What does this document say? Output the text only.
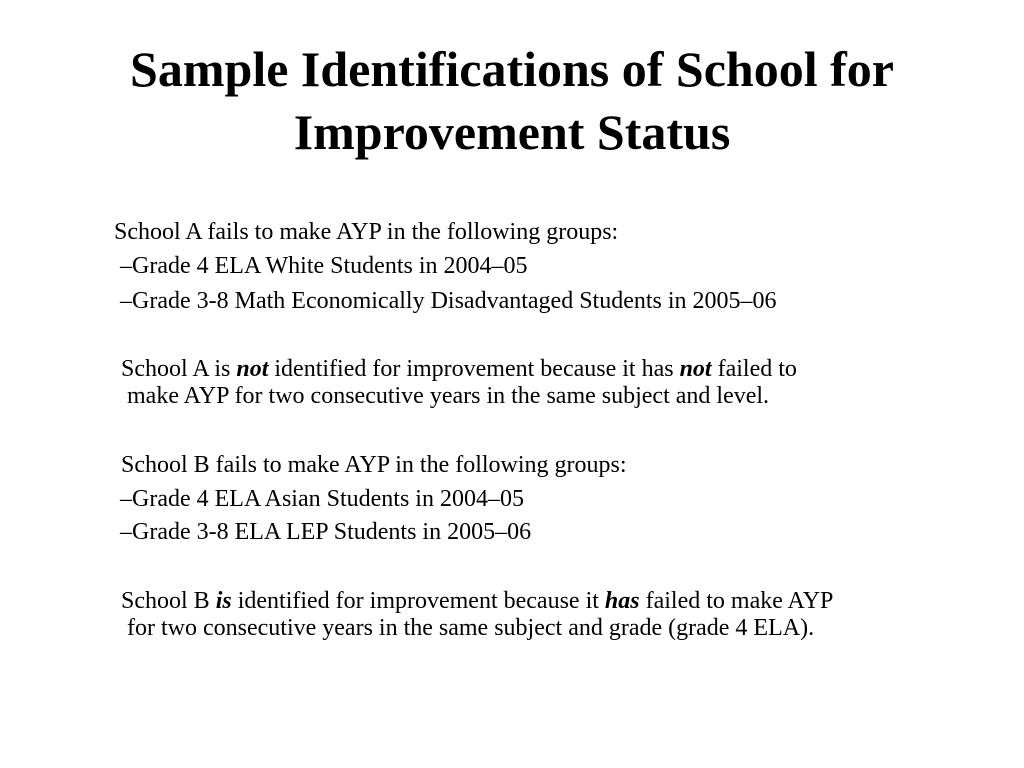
Sample Identifications of School for
Improvement Status
School A fails to make AYP in the following groups:
–Grade 4 ELA White Students in 2004–05
–Grade 3-8 Math Economically Disadvantaged Students in 2005–06
School A is not identified for improvement because it has not failed to
make AYP for two consecutive years in the same subject and level.
School B fails to make AYP in the following groups:
–Grade 4 ELA Asian Students in 2004–05
–Grade 3-8 ELA LEP Students in 2005–06
School B is identified for improvement because it has failed to make AYP
for two consecutive years in the same subject and grade (grade 4 ELA).
